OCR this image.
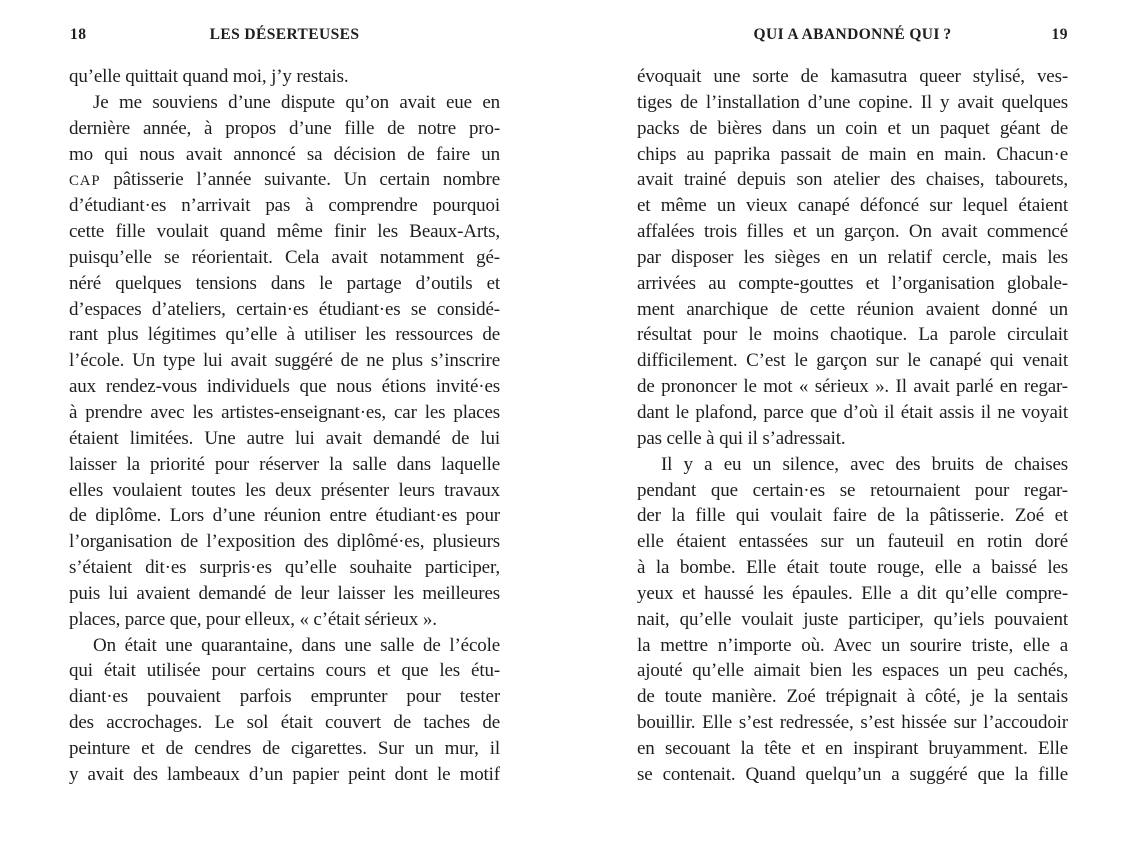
18	LES DÉSERTEUSES
qu’elle quittait quand moi, j’y restais.
Je me souviens d’une dispute qu’on avait eue en
dernière année, à propos d’une fille de notre pro-
mo qui nous avait annoncé sa décision de faire un
CAP pâtisserie l’année suivante. Un certain nombre
d’étudiant·es n’arrivait pas à comprendre pourquoi
cette fille voulait quand même finir les Beaux-Arts,
puisqu’elle se réorientait. Cela avait notamment gé-
néré quelques tensions dans le partage d’outils et
d’espaces d’ateliers, certain·es étudiant·es se considé-
rant plus légitimes qu’elle à utiliser les ressources de
l’école. Un type lui avait suggéré de ne plus s’inscrire
aux rendez-vous individuels que nous étions invité·es
à prendre avec les artistes-enseignant·es, car les places
étaient limitées. Une autre lui avait demandé de lui
laisser la priorité pour réserver la salle dans laquelle
elles voulaient toutes les deux présenter leurs travaux
de diplôme. Lors d’une réunion entre étudiant·es pour
l’organisation de l’exposition des diplômé·es, plusieurs
s’étaient dit·es surpris·es qu’elle souhaite participer,
puis lui avaient demandé de leur laisser les meilleures
places, parce que, pour elleux, « c’était sérieux ».
On était une quarantaine, dans une salle de l’école
qui était utilisée pour certains cours et que les étu-
diant·es pouvaient parfois emprunter pour tester
des accrochages. Le sol était couvert de taches de
peinture et de cendres de cigarettes. Sur un mur, il
y avait des lambeaux d’un papier peint dont le motif
QUI A ABANDONNÉ QUI ?	19
évoquait une sorte de kamasutra queer stylisé, ves-
tiges de l’installation d’une copine. Il y avait quelques
packs de bières dans un coin et un paquet géant de
chips au paprika passait de main en main. Chacun·e
avait trainé depuis son atelier des chaises, tabourets,
et même un vieux canapé défoncé sur lequel étaient
affalées trois filles et un garçon. On avait commencé
par disposer les sièges en un relatif cercle, mais les
arrivées au compte-gouttes et l’organisation globale-
ment anarchique de cette réunion avaient donné un
résultat pour le moins chaotique. La parole circulait
difficilement. C’est le garçon sur le canapé qui venait
de prononcer le mot « sérieux ». Il avait parlé en regar-
dant le plafond, parce que d’où il était assis il ne voyait
pas celle à qui il s’adressait.
Il y a eu un silence, avec des bruits de chaises
pendant que certain·es se retournaient pour regar-
der la fille qui voulait faire de la pâtisserie. Zoé et
elle étaient entassées sur un fauteuil en rotin doré
à la bombe. Elle était toute rouge, elle a baissé les
yeux et haussé les épaules. Elle a dit qu’elle compre-
nait, qu’elle voulait juste participer, qu’iels pouvaient
la mettre n’importe où. Avec un sourire triste, elle a
ajouté qu’elle aimait bien les espaces un peu cachés,
de toute manière. Zoé trépignait à côté, je la sentais
bouillir. Elle s’est redressée, s’est hissée sur l’accoudoir
en secouant la tête et en inspirant bruyamment. Elle
se contenait. Quand quelqu’un a suggéré que la fille
